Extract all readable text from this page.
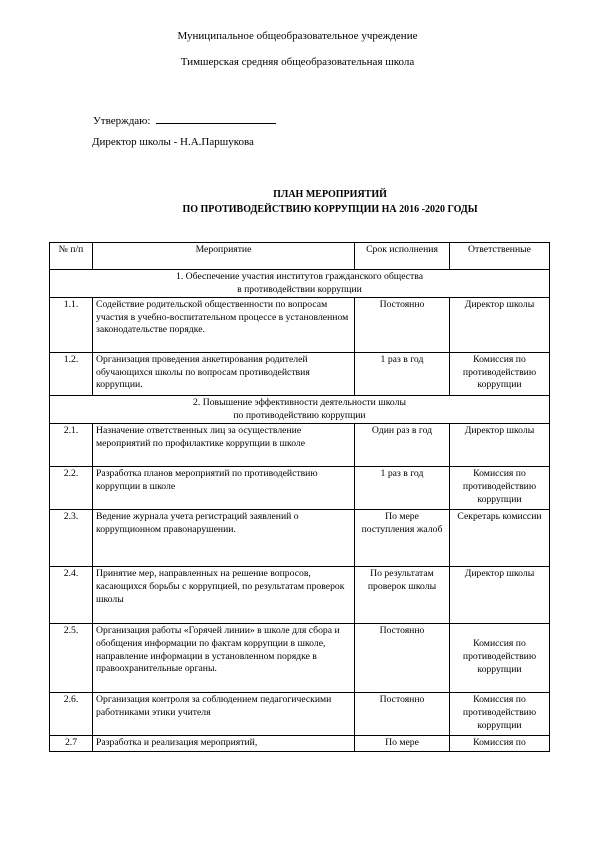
Муниципальное общеобразовательное учреждение
Тимшерская средняя общеобразовательная школа
Утверждаю:
Директор школы - Н.А.Паршукова
ПЛАН МЕРОПРИЯТИЙ
ПО ПРОТИВОДЕЙСТВИЮ КОРРУПЦИИ НА 2016 -2020 ГОДЫ
№ п/п	Мероприятие	Срок исполнения	Ответственные

1. Обеспечение участия институтов гражданского общества
в противодействии коррупции			

1.1.	Содействие родительской общественности по вопросам участия в учебно-воспитательном процессе в установленном законодательстве порядке.	Постоянно	Директор школы
1.2.	Организация проведения анкетирования родителей обучающихся школы по вопросам противодействия коррупции.	1 раз в год	Комиссия по противодействию коррупции

2. Повышение эффективности деятельности школы
по противодействию коррупции			

2.1.	Назначение ответственных лиц за осуществление мероприятий по профилактике коррупции в школе	Один раз в год	Директор школы
2.2.	Разработка планов мероприятий по противодействию коррупции в школе	1 раз в год	Комиссия по противодействию коррупции
2.3.	Ведение журнала учета регистраций заявлений о коррупционном правонарушении.	По мере поступления жалоб	Секретарь комиссии
2.4.	Принятие мер, направленных на решение вопросов, касающихся борьбы с коррупцией, по результатам проверок школы	По результатам проверок школы	Директор школы
2.5.	Организация работы «Горячей линии» в школе для сбора и обобщения информации по фактам коррупции в школе, направление информации в установленном порядке в правоохранительные органы.	Постоянно	Комиссия по противодействию коррупции
2.6.	Организация контроля за соблюдением педагогическими работниками этики учителя	Постоянно	Комиссия по противодействию коррупции
2.7	Разработка и реализация мероприятий,	По мере	Комиссия по
